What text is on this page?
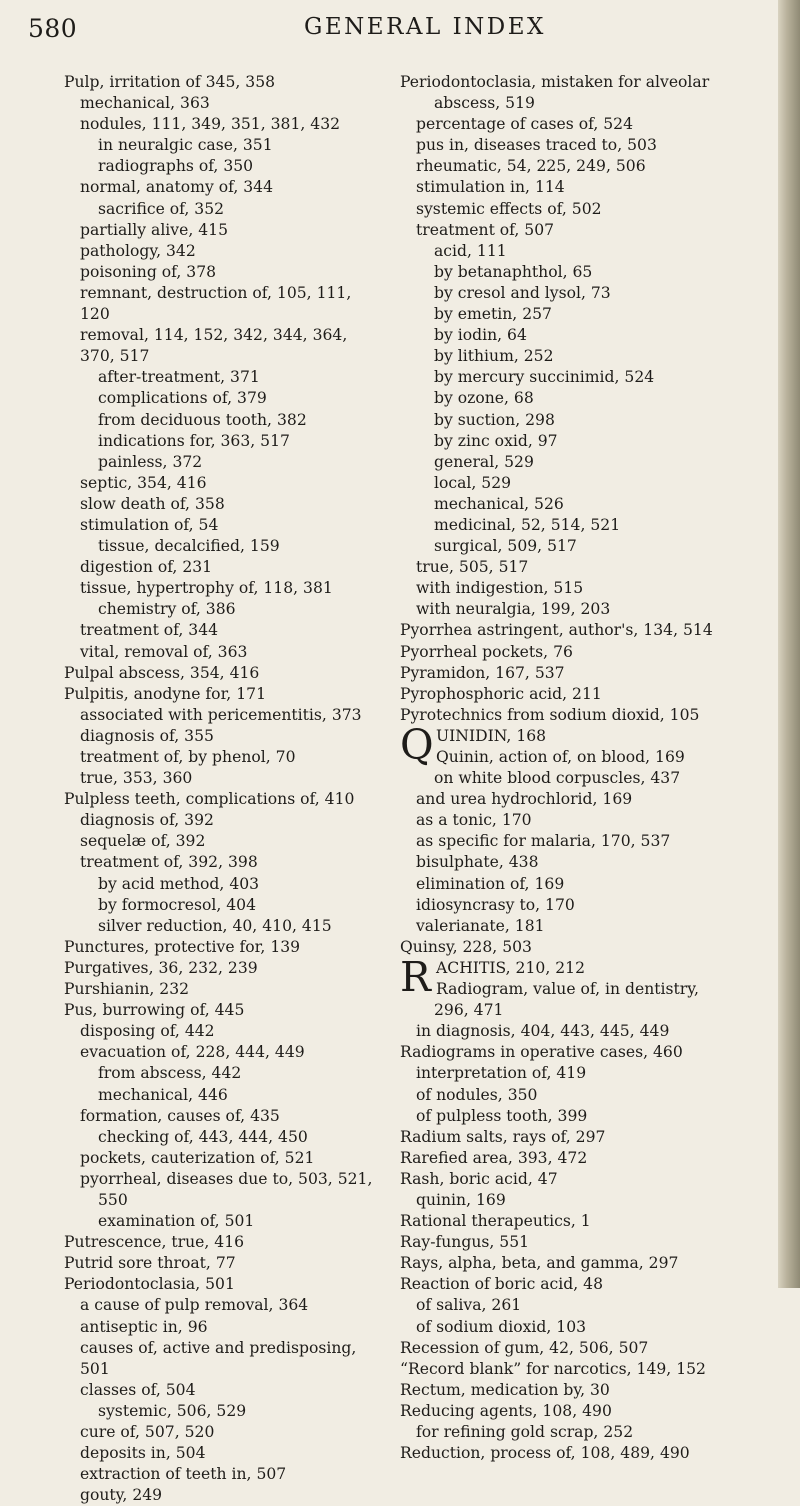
580	GENERAL INDEX
Pulp, irritation of 345, 358
mechanical, 363
nodules, 111, 349, 351, 381, 432
in neuralgic case, 351
radiographs of, 350
normal, anatomy of, 344
sacrifice of, 352
partially alive, 415
pathology, 342
poisoning of, 378
remnant, destruction of, 105, 111,
120
removal, 114, 152, 342, 344, 364,
370, 517
after-treatment, 371
complications of, 379
from deciduous tooth, 382
indications for, 363, 517
painless, 372
septic, 354, 416
slow death of, 358
stimulation of, 54
tissue, decalcified, 159
digestion of, 231
tissue, hypertrophy of, 118, 381
chemistry of, 386
treatment of, 344
vital, removal of, 363
Pulpal abscess, 354, 416
Pulpitis, anodyne for, 171
associated with pericementitis, 373
diagnosis of, 355
treatment of, by phenol, 70
true, 353, 360
Pulpless teeth, complications of, 410
diagnosis of, 392
sequelæ of, 392
treatment of, 392, 398
by acid method, 403
by formocresol, 404
silver reduction, 40, 410, 415
Punctures, protective for, 139
Purgatives, 36, 232, 239
Purshianin, 232
Pus, burrowing of, 445
disposing of, 442
evacuation of, 228, 444, 449
from abscess, 442
mechanical, 446
formation, causes of, 435
checking of, 443, 444, 450
pockets, cauterization of, 521
pyorrheal, diseases due to, 503, 521,
550
examination of, 501
Putrescence, true, 416
Putrid sore throat, 77
Periodontoclasia, 501
a cause of pulp removal, 364
antiseptic in, 96
causes of, active and predisposing,
501
classes of, 504
systemic, 506, 529
cure of, 507, 520
deposits in, 504
extraction of teeth in, 507
gouty, 249
Periodontoclasia, mistaken for alveolar
abscess, 519
percentage of cases of, 524
pus in, diseases traced to, 503
rheumatic, 54, 225, 249, 506
stimulation in, 114
systemic effects of, 502
treatment of, 507
acid, 111
by betanaphthol, 65
by cresol and lysol, 73
by emetin, 257
by iodin, 64
by lithium, 252
by mercury succinimid, 524
by ozone, 68
by suction, 298
by zinc oxid, 97
general, 529
local, 529
mechanical, 526
medicinal, 52, 514, 521
surgical, 509, 517
true, 505, 517
with indigestion, 515
with neuralgia, 199, 203
Pyorrhea astringent, author's, 134, 514
Pyorrheal pockets, 76
Pyramidon, 167, 537
Pyrophosphoric acid, 211
Pyrotechnics from sodium dioxid, 105
Q UINIDIN, 168
Quinin, action of, on blood, 169
on white blood corpuscles, 437
and urea hydrochlorid, 169
as a tonic, 170
as specific for malaria, 170, 537
bisulphate, 438
elimination of, 169
idiosyncrasy to, 170
valerianate, 181
Quinsy, 228, 503
R ACHITIS, 210, 212
Radiogram, value of, in dentistry,
296, 471
in diagnosis, 404, 443, 445, 449
Radiograms in operative cases, 460
interpretation of, 419
of nodules, 350
of pulpless tooth, 399
Radium salts, rays of, 297
Rarefied area, 393, 472
Rash, boric acid, 47
quinin, 169
Rational therapeutics, 1
Ray-fungus, 551
Rays, alpha, beta, and gamma, 297
Reaction of boric acid, 48
of saliva, 261
of sodium dioxid, 103
Recession of gum, 42, 506, 507
“Record blank” for narcotics, 149, 152
Rectum, medication by, 30
Reducing agents, 108, 490
for refining gold scrap, 252
Reduction, process of, 108, 489, 490
